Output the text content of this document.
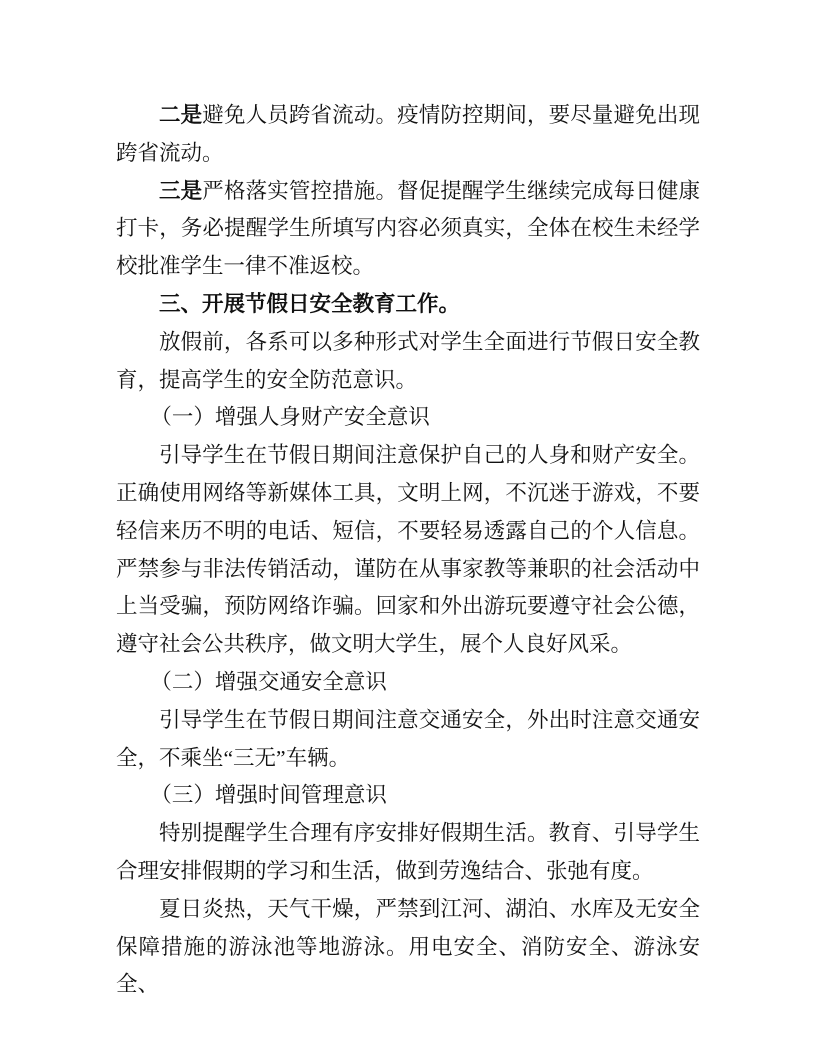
二是避免人员跨省流动。疫情防控期间，要尽量避免出现跨省流动。

三是严格落实管控措施。督促提醒学生继续完成每日健康打卡，务必提醒学生所填写内容必须真实，全体在校生未经学校批准学生一律不准返校。

三、开展节假日安全教育工作。

放假前，各系可以多种形式对学生全面进行节假日安全教育，提高学生的安全防范意识。

（一）增强人身财产安全意识

引导学生在节假日期间注意保护自己的人身和财产安全。正确使用网络等新媒体工具，文明上网，不沉迷于游戏，不要轻信来历不明的电话、短信，不要轻易透露自己的个人信息。严禁参与非法传销活动，谨防在从事家教等兼职的社会活动中上当受骗，预防网络诈骗。回家和外出游玩要遵守社会公德，遵守社会公共秩序，做文明大学生，展个人良好风采。

（二）增强交通安全意识

引导学生在节假日期间注意交通安全，外出时注意交通安全，不乘坐“三无”车辆。

（三）增强时间管理意识

特别提醒学生合理有序安排好假期生活。教育、引导学生合理安排假期的学习和生活，做到劳逸结合、张弛有度。

夏日炎热，天气干燥，严禁到江河、湖泊、水库及无安全保障措施的游泳池等地游泳。用电安全、消防安全、游泳安全、
